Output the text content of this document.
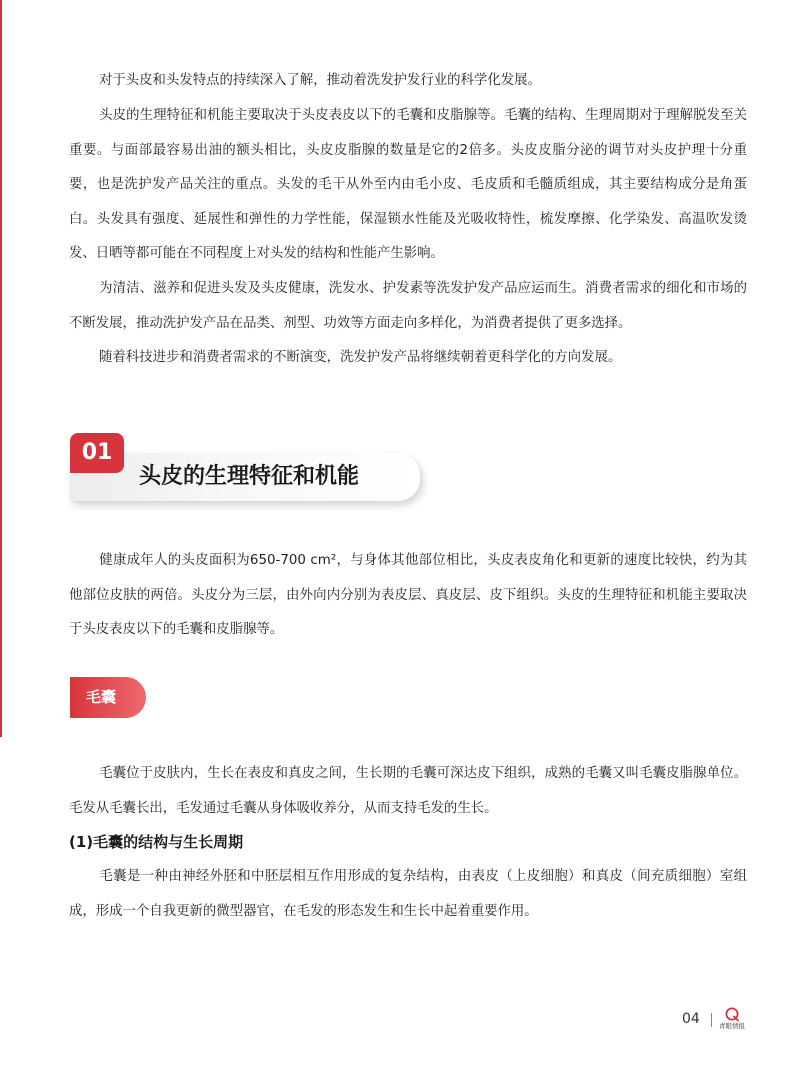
对于头皮和头发特点的持续深入了解，推动着洗发护发行业的科学化发展。

头皮的生理特征和机能主要取决于头皮表皮以下的毛囊和皮脂腺等。毛囊的结构、生理周期对于理解脱发至关重要。与面部最容易出油的额头相比，头皮皮脂腺的数量是它的2倍多。头皮皮脂分泌的调节对头皮护理十分重要，也是洗护发产品关注的重点。头发的毛干从外至内由毛小皮、毛皮质和毛髓质组成，其主要结构成分是角蛋白。头发具有强度、延展性和弹性的力学性能，保湿锁水性能及光吸收特性，梳发摩擦、化学染发、高温吹发烫发、日晒等都可能在不同程度上对头发的结构和性能产生影响。

为清洁、滋养和促进头发及头皮健康，洗发水、护发素等洗发护发产品应运而生。消费者需求的细化和市场的不断发展，推动洗护发产品在品类、剂型、功效等方面走向多样化，为消费者提供了更多选择。

随着科技进步和消费者需求的不断演变，洗发护发产品将继续朝着更科学化的方向发展。

01
头皮的生理特征和机能

健康成年人的头皮面积为650-700 cm²，与身体其他部位相比，头皮表皮角化和更新的速度比较快，约为其他部位皮肤的两倍。头皮分为三层，由外向内分别为表皮层、真皮层、皮下组织。头皮的生理特征和机能主要取决于头皮表皮以下的毛囊和皮脂腺等。

毛囊

毛囊位于皮肤内，生长在表皮和真皮之间，生长期的毛囊可深达皮下组织，成熟的毛囊又叫毛囊皮脂腺单位。毛发从毛囊长出，毛发通过毛囊从身体吸收养分，从而支持毛发的生长。

(1)毛囊的结构与生长周期

毛囊是一种由神经外胚和中胚层相互作用形成的复杂结构，由表皮（上皮细胞）和真皮（间充质细胞）室组成，形成一个自我更新的微型器官，在毛发的形态发生和生长中起着重要作用。

04	青眼情报
